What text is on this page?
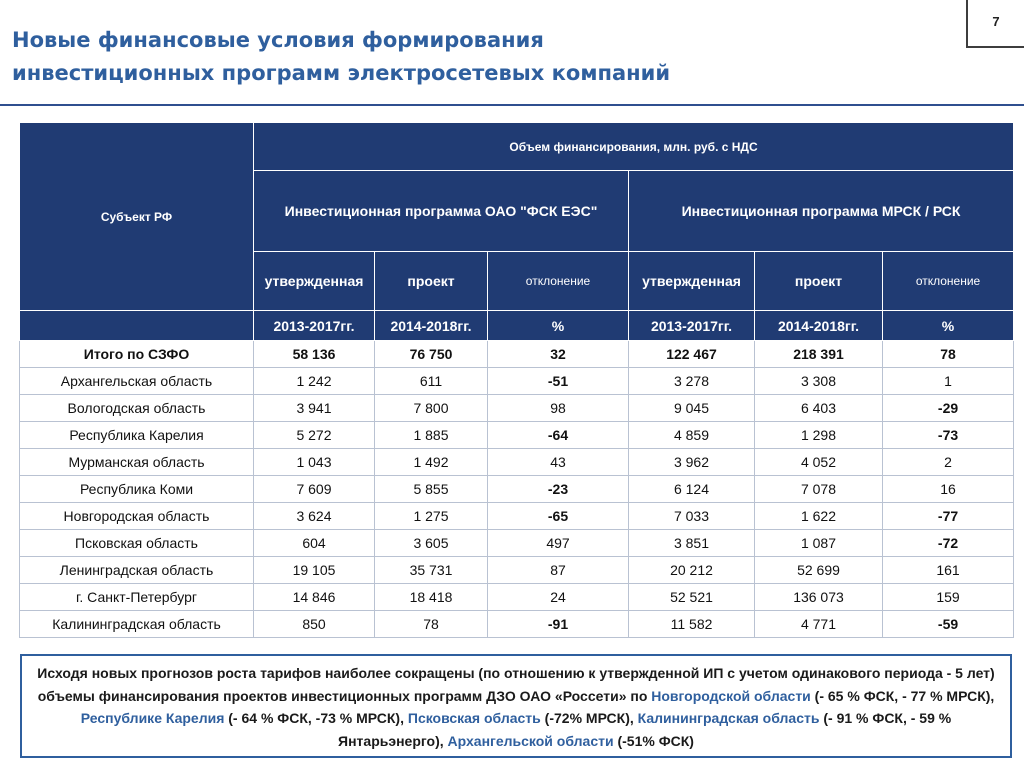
Новые финансовые условия формирования
инвестиционных программ электросетевых компаний
7
Субъект РФ	Объем финансирования, млн. руб. с НДС					
	Инвестиционная программа ОАО "ФСК ЕЭС"			Инвестиционная программа МРСК / РСК		
	утвержденная	проект	отклонение	утвержденная	проект	отклонение
	2013-2017гг.	2014-2018гг.	%	2013-2017гг.	2014-2018гг.	%
Итого по СЗФО	58 136	76 750	32	122 467	218 391	78
Архангельская область	1 242	611	-51	3 278	3 308	1
Вологодская область	3 941	7 800	98	9 045	6 403	-29
Республика Карелия	5 272	1 885	-64	4 859	1 298	-73
Мурманская область	1 043	1 492	43	3 962	4 052	2
Республика Коми	7 609	5 855	-23	6 124	7 078	16
Новгородская область	3 624	1 275	-65	7 033	1 622	-77
Псковская область	604	3 605	497	3 851	1 087	-72
Ленинградская область	19 105	35 731	87	20 212	52 699	161
г. Санкт-Петербург	14 846	18 418	24	52 521	136 073	159
Калининградская область	850	78	-91	11 582	4 771	-59
Исходя новых прогнозов роста тарифов наиболее сокращены (по отношению к утвержденной ИП с учетом одинакового периода - 5 лет) объемы финансирования проектов инвестиционных программ ДЗО ОАО «Россети» по Новгородской области (- 65 % ФСК, - 77 % МРСК), Республике Карелия (- 64 % ФСК, -73 % МРСК), Псковская область (-72% МРСК), Калининградская область (- 91 % ФСК, - 59 % Янтарьэнерго), Архангельской области (-51% ФСК)
